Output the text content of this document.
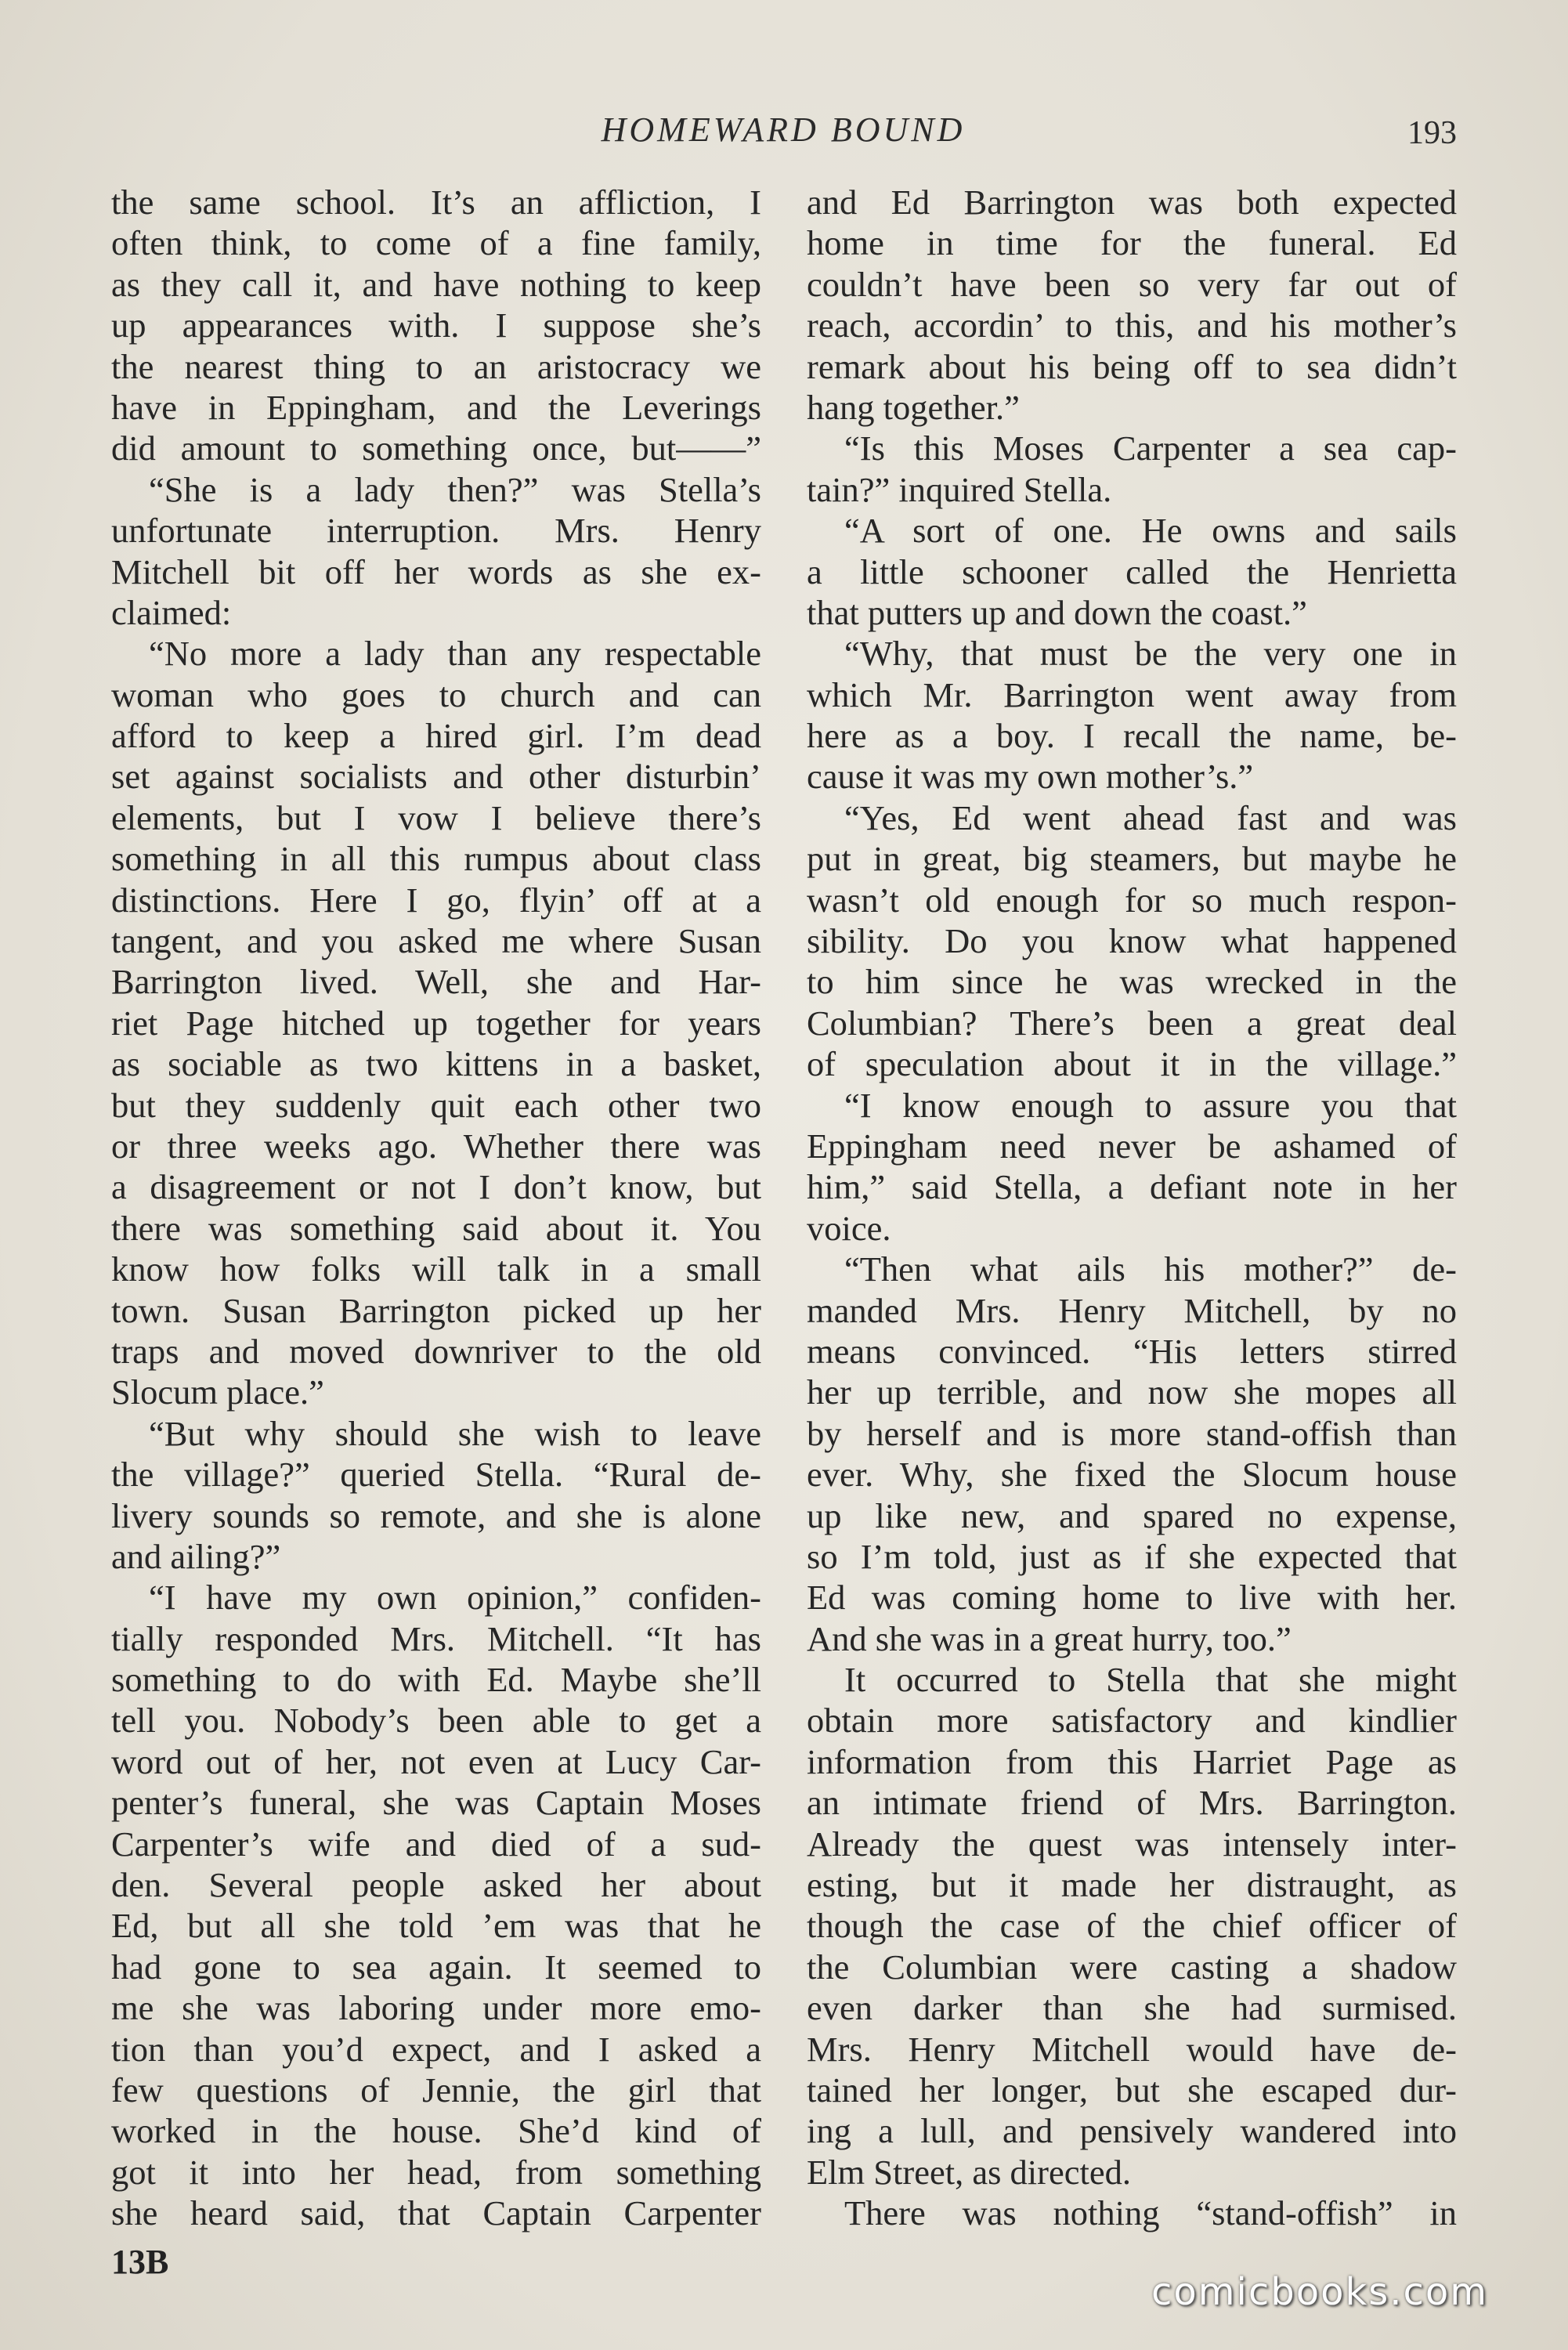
HOMEWARD BOUND	193
the same school. It’s an affliction, I
often think, to come of a fine family,
as they call it, and have nothing to keep
up appearances with. I suppose she’s
the nearest thing to an aristocracy we
have in Eppingham, and the Leverings
did amount to something once, but——”
“She is a lady then?” was Stella’s
unfortunate interruption. Mrs. Henry
Mitchell bit off her words as she ex-
claimed:
“No more a lady than any respectable
woman who goes to church and can
afford to keep a hired girl. I’m dead
set against socialists and other disturbin’
elements, but I vow I believe there’s
something in all this rumpus about class
distinctions. Here I go, flyin’ off at a
tangent, and you asked me where Susan
Barrington lived. Well, she and Har-
riet Page hitched up together for years
as sociable as two kittens in a basket,
but they suddenly quit each other two
or three weeks ago. Whether there was
a disagreement or not I don’t know, but
there was something said about it. You
know how folks will talk in a small
town. Susan Barrington picked up her
traps and moved downriver to the old
Slocum place.”
“But why should she wish to leave
the village?” queried Stella. “Rural de-
livery sounds so remote, and she is alone
and ailing?”
“I have my own opinion,” confiden-
tially responded Mrs. Mitchell. “It has
something to do with Ed. Maybe she’ll
tell you. Nobody’s been able to get a
word out of her, not even at Lucy Car-
penter’s funeral, she was Captain Moses
Carpenter’s wife and died of a sud-
den. Several people asked her about
Ed, but all she told ’em was that he
had gone to sea again. It seemed to
me she was laboring under more emo-
tion than you’d expect, and I asked a
few questions of Jennie, the girl that
worked in the house. She’d kind of
got it into her head, from something
she heard said, that Captain Carpenter
and Ed Barrington was both expected
home in time for the funeral. Ed
couldn’t have been so very far out of
reach, accordin’ to this, and his mother’s
remark about his being off to sea didn’t
hang together.”
“Is this Moses Carpenter a sea cap-
tain?” inquired Stella.
“A sort of one. He owns and sails
a little schooner called the Henrietta
that putters up and down the coast.”
“Why, that must be the very one in
which Mr. Barrington went away from
here as a boy. I recall the name, be-
cause it was my own mother’s.”
“Yes, Ed went ahead fast and was
put in great, big steamers, but maybe he
wasn’t old enough for so much respon-
sibility. Do you know what happened
to him since he was wrecked in the
Columbian? There’s been a great deal
of speculation about it in the village.”
“I know enough to assure you that
Eppingham need never be ashamed of
him,” said Stella, a defiant note in her
voice.
“Then what ails his mother?” de-
manded Mrs. Henry Mitchell, by no
means convinced. “His letters stirred
her up terrible, and now she mopes all
by herself and is more stand-offish than
ever. Why, she fixed the Slocum house
up like new, and spared no expense,
so I’m told, just as if she expected that
Ed was coming home to live with her.
And she was in a great hurry, too.”
It occurred to Stella that she might
obtain more satisfactory and kindlier
information from this Harriet Page as
an intimate friend of Mrs. Barrington.
Already the quest was intensely inter-
esting, but it made her distraught, as
though the case of the chief officer of
the Columbian were casting a shadow
even darker than she had surmised.
Mrs. Henry Mitchell would have de-
tained her longer, but she escaped dur-
ing a lull, and pensively wandered into
Elm Street, as directed.
There was nothing “stand-offish” in
13B
comicbooks.com
